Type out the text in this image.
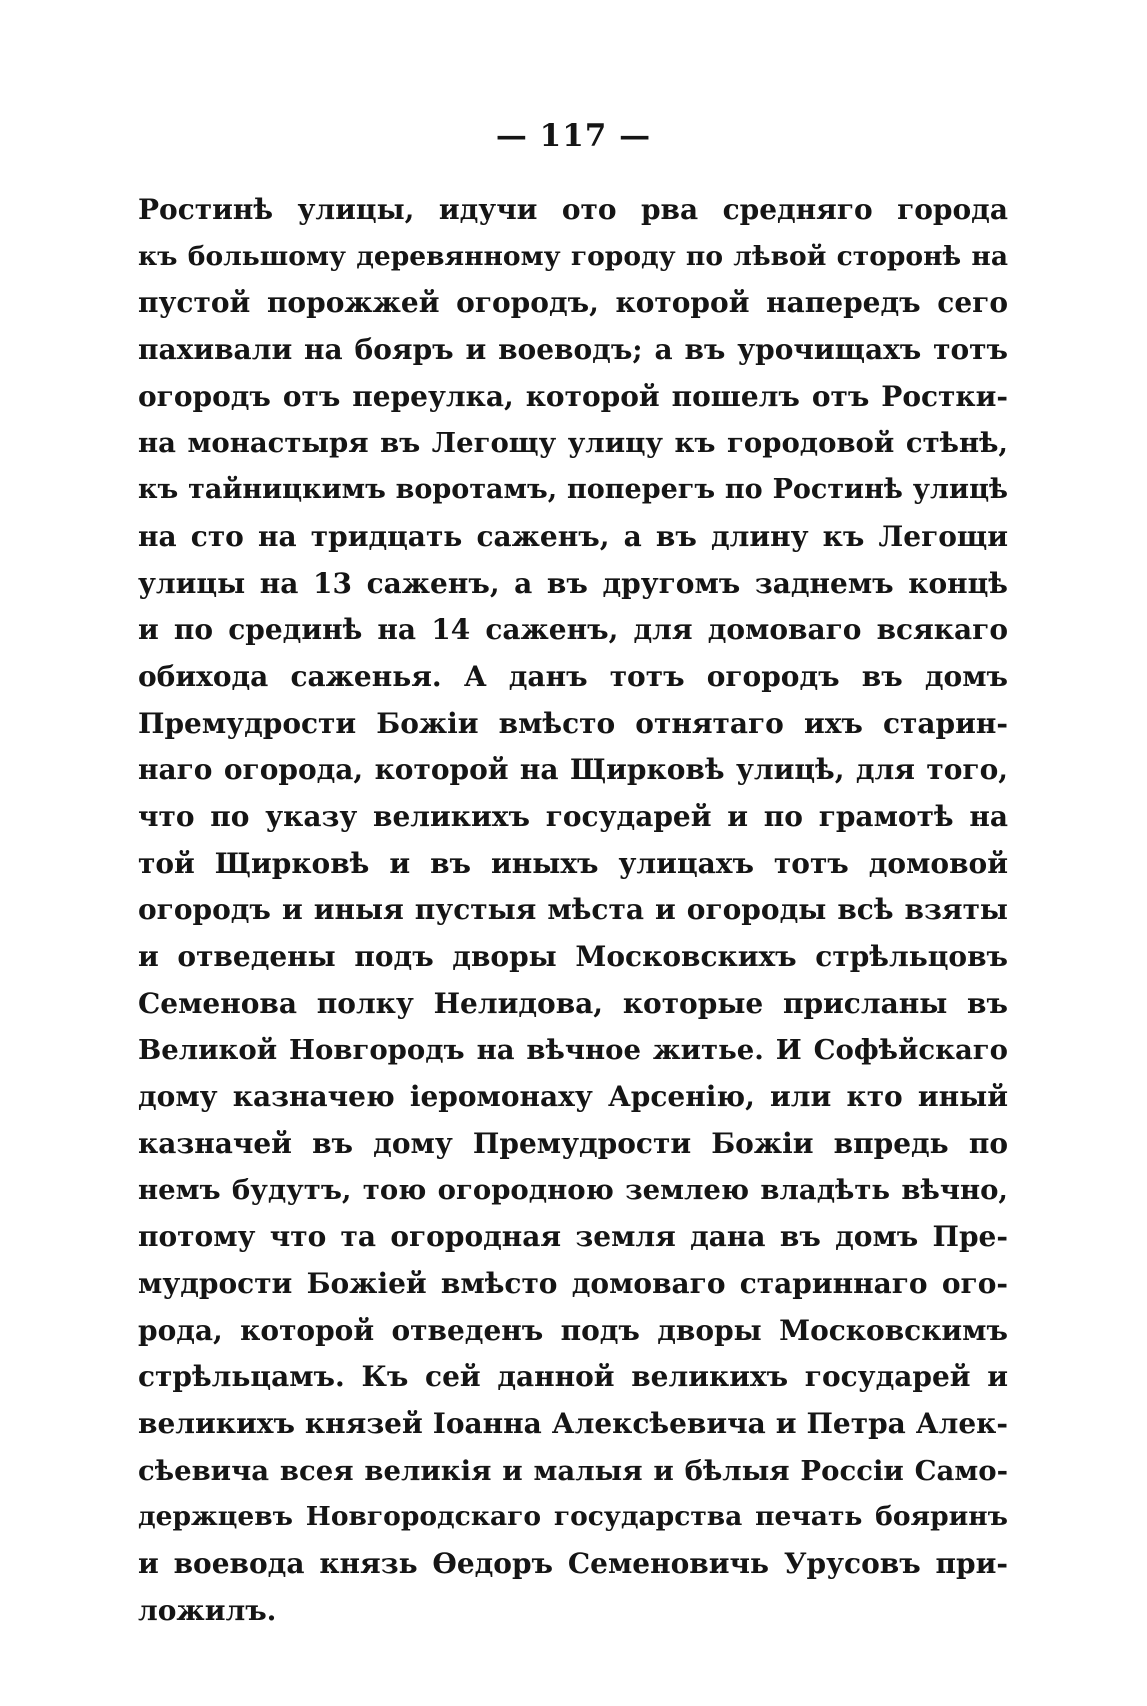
— 117 —

Ростинѣ улицы, идучи ото рва средняго города
къ большому деревянному городу по лѣвой сторонѣ на
пустой порожжей огородъ, которой напередъ сего
пахивали на бояръ и воеводъ; а въ урочищахъ тотъ
огородъ отъ переулка, которой пошелъ отъ Ростки-
на монастыря въ Легощу улицу къ городовой стѣнѣ,
къ тайницкимъ воротамъ, поперегъ по Ростинѣ улицѣ
на сто на тридцать саженъ, а въ длину къ Легощи
улицы на 13 саженъ, а въ другомъ заднемъ концѣ
и по срединѣ на 14 саженъ, для домоваго всякаго
обихода саженья. А данъ тотъ огородъ въ домъ
Премудрости Божіи вмѣсто отнятаго ихъ старин-
наго огорода, которой на Щирковѣ улицѣ, для того,
что по указу великихъ государей и по грамотѣ на
той Щирковѣ и въ иныхъ улицахъ тотъ домовой
огородъ и иныя пустыя мѣста и огороды всѣ взяты
и отведены подъ дворы Московскихъ стрѣльцовъ
Семенова полку Нелидова, которые присланы въ
Великой Новгородъ на вѣчное житье. И Софѣйскаго
дому казначею іеромонаху Арсенію, или кто иный
казначей въ дому Премудрости Божіи впредь по
немъ будутъ, тою огородною землею владѣть вѣчно,
потому что та огородная земля дана въ домъ Пре-
мудрости Божіей вмѣсто домоваго стариннаго ого-
рода, которой отведенъ подъ дворы Московскимъ
стрѣльцамъ. Къ сей данной великихъ государей и
великихъ князей Іоанна Алексѣевича и Петра Алек-
сѣевича всея великія и малыя и бѣлыя Россіи Само-
держцевъ Новгородскаго государства печать бояринъ
и воевода князь Ѳедоръ Семеновичь Урусовъ при-
ложилъ.
